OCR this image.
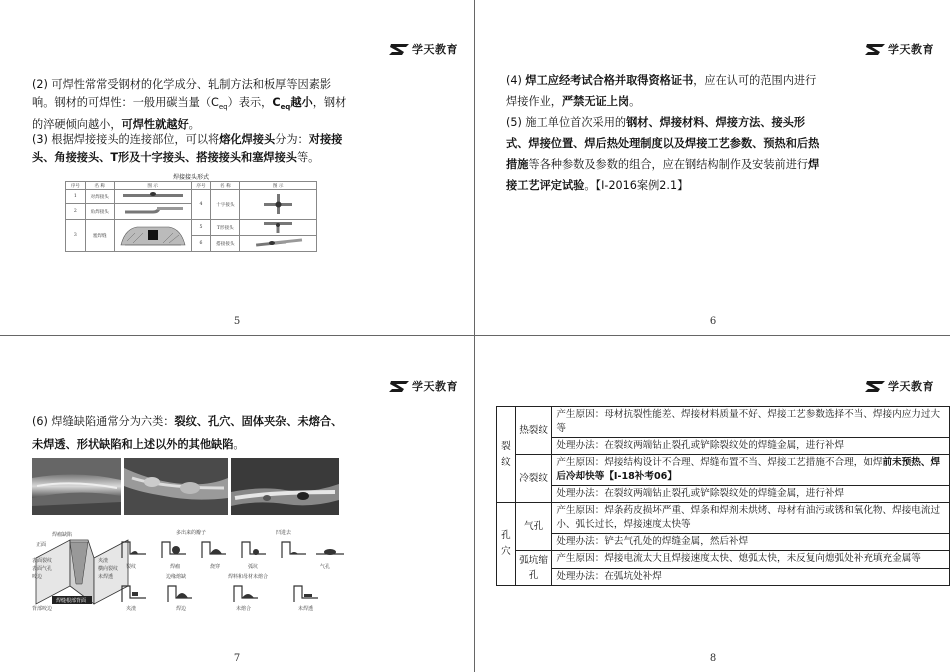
学天教育
(2) 可焊性常常受钢材的化学成分、轧制方法和板厚等因素影响。钢材的可焊性：一般用碳当量$(C_{eq})$表示，$C_{eq}$越小，钢材的淬硬倾向越小，可焊性就越好。
(3) 根据焊接接头的连接部位，可以将熔化焊接头分为：对接接头、角接接头、T形及十字接头、搭接接头和塞焊接头等。
焊接接头形式
序号	名 称	图 示	序号	名 称	图 示
1	对焊接头		4	十字接头	
2	角焊接头	
3	塞焊缝		5	T形接头	
			6	搭接接头	
5
学天教育
(4) 焊工应经考试合格并取得资格证书，应在认可的范围内进行焊接作业，严禁无证上岗。
(5) 施工单位首次采用的钢材、焊接材料、焊接方法、接头形式、焊接位置、焊后热处理制度以及焊接工艺参数、预热和后热措施等各种参数及参数的组合，应在钢结构制作及安装前进行焊接工艺评定试验。【Ⅰ-2016案例2.1】
6
学天教育
(6) 焊缝缺陷通常分为六类：裂纹、孔穴、固体夹杂、未熔合、未焊透、形状缺陷和上述以外的其他缺陷。
7
焊瘤缺陷
正面
表面裂纹
表面气孔
咬边
夹渣
横向裂纹
未焊透
背部咬边
焊缝根部背面
多出来的瓣子	凹进去
裂纹	焊瘤	烧穿	弧坑	气孔
边缘熔缺	焊料和母材未熔合
夹渣	焊边	未熔合	未焊透
学天教育
8
裂纹	热裂纹	产生原因：母材抗裂性能差、焊接材料质量不好、焊接工艺参数选择不当、焊接内应力过大等
		处理办法：在裂纹两端钻止裂孔或铲除裂纹处的焊缝金属，进行补焊
	冷裂纹	产生原因：焊接结构设计不合理、焊缝布置不当、焊接工艺措施不合理，如焊前未预热、焊后冷却快等【Ⅰ-18补考06】
		处理办法：在裂纹两端钻止裂孔或铲除裂纹处的焊缝金属，进行补焊
孔穴	气孔	产生原因：焊条药皮损坏严重、焊条和焊剂未烘烤、母材有油污或锈和氧化物、焊接电流过小、弧长过长，焊接速度太快等
		处理办法：铲去气孔处的焊缝金属，然后补焊
	弧坑缩孔	产生原因：焊接电流太大且焊接速度太快、熄弧太快，未反复向熄弧处补充填充金属等
		处理办法：在弧坑处补焊
